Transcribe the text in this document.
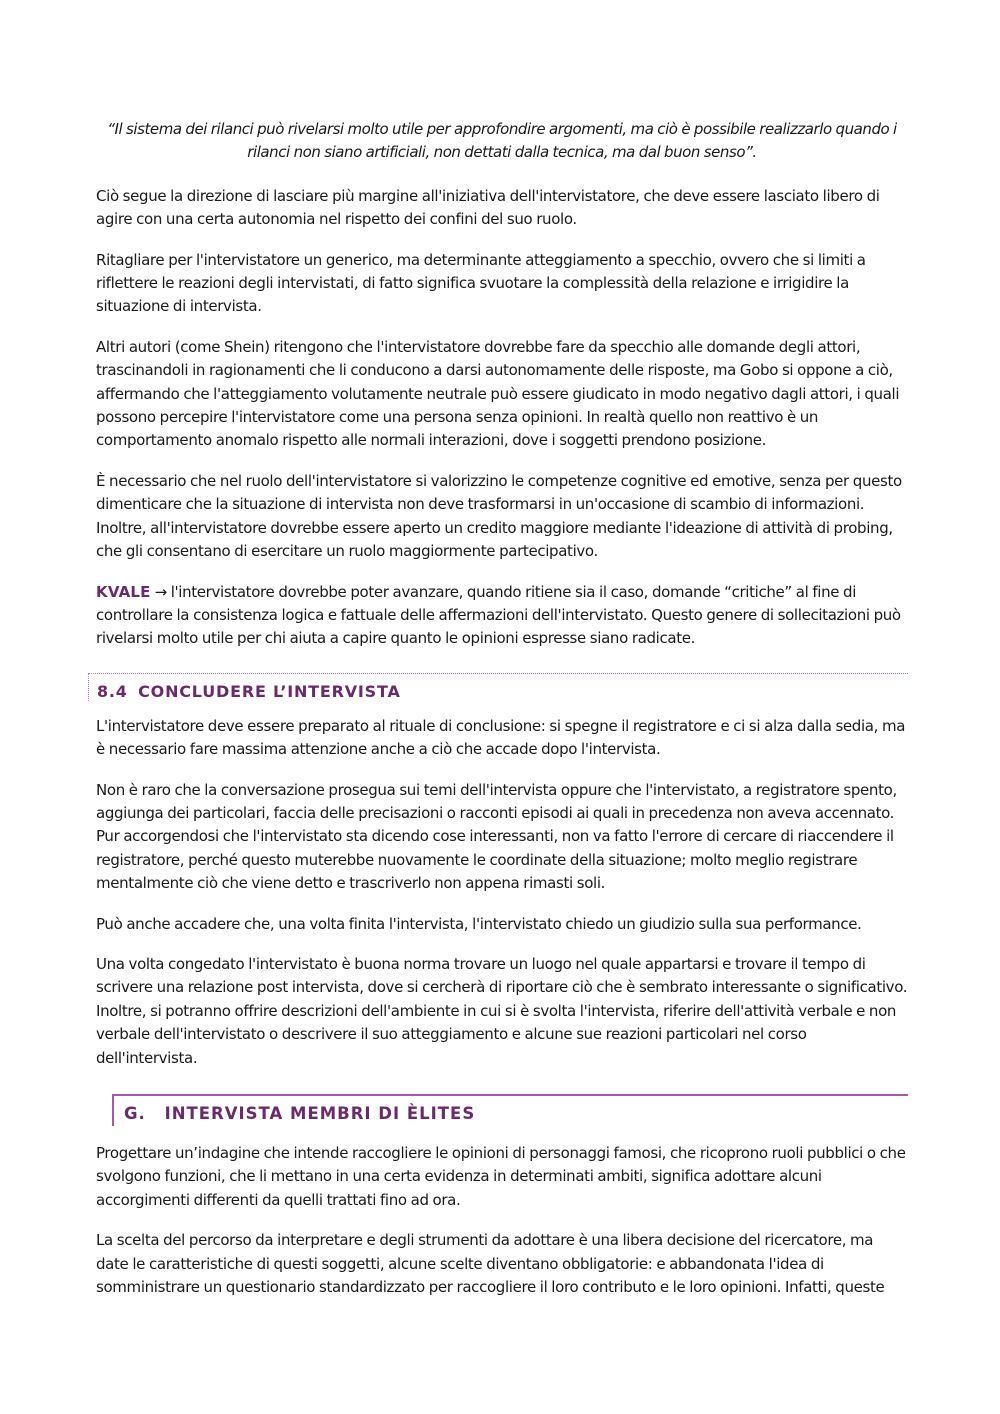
“Il sistema dei rilanci può rivelarsi molto utile per approfondire argomenti, ma ciò è possibile realizzarlo quando i rilanci non siano artificiali, non dettati dalla tecnica, ma dal buon senso”.

Ciò segue la direzione di lasciare più margine all'iniziativa dell'intervistatore, che deve essere lasciato libero di agire con una certa autonomia nel rispetto dei confini del suo ruolo.

Ritagliare per l'intervistatore un generico, ma determinante atteggiamento a specchio, ovvero che si limiti a riflettere le reazioni degli intervistati, di fatto significa svuotare la complessità della relazione e irrigidire la situazione di intervista.

Altri autori (come Shein) ritengono che l'intervistatore dovrebbe fare da specchio alle domande degli attori, trascinandoli in ragionamenti che li conducono a darsi autonomamente delle risposte, ma Gobo si oppone a ciò, affermando che l'atteggiamento volutamente neutrale può essere giudicato in modo negativo dagli attori, i quali possono percepire l'intervistatore come una persona senza opinioni. In realtà quello non reattivo è un comportamento anomalo rispetto alle normali interazioni, dove i soggetti prendono posizione.

È necessario che nel ruolo dell'intervistatore si valorizzino le competenze cognitive ed emotive, senza per questo dimenticare che la situazione di intervista non deve trasformarsi in un'occasione di scambio di informazioni. Inoltre, all'intervistatore dovrebbe essere aperto un credito maggiore mediante l'ideazione di attività di probing, che gli consentano di esercitare un ruolo maggiormente partecipativo.

KVALE → l'intervistatore dovrebbe poter avanzare, quando ritiene sia il caso, domande “critiche” al fine di controllare la consistenza logica e fattuale delle affermazioni dell'intervistato. Questo genere di sollecitazioni può rivelarsi molto utile per chi aiuta a capire quanto le opinioni espresse siano radicate.

8.4 CONCLUDERE L’INTERVISTA

L'intervistatore deve essere preparato al rituale di conclusione: si spegne il registratore e ci si alza dalla sedia, ma è necessario fare massima attenzione anche a ciò che accade dopo l'intervista.

Non è raro che la conversazione prosegua sui temi dell'intervista oppure che l'intervistato, a registratore spento, aggiunga dei particolari, faccia delle precisazioni o racconti episodi ai quali in precedenza non aveva accennato. Pur accorgendosi che l'intervistato sta dicendo cose interessanti, non va fatto l'errore di cercare di riaccendere il registratore, perché questo muterebbe nuovamente le coordinate della situazione; molto meglio registrare mentalmente ciò che viene detto e trascriverlo non appena rimasti soli.

Può anche accadere che, una volta finita l'intervista, l'intervistato chiedo un giudizio sulla sua performance.

Una volta congedato l'intervistato è buona norma trovare un luogo nel quale appartarsi e trovare il tempo di scrivere una relazione post intervista, dove si cercherà di riportare ciò che è sembrato interessante o significativo. Inoltre, si potranno offrire descrizioni dell'ambiente in cui si è svolta l'intervista, riferire dell'attività verbale e non verbale dell'intervistato o descrivere il suo atteggiamento e alcune sue reazioni particolari nel corso dell'intervista.

G. INTERVISTA MEMBRI DI ÈLITES

Progettare un’indagine che intende raccogliere le opinioni di personaggi famosi, che ricoprono ruoli pubblici o che svolgono funzioni, che li mettano in una certa evidenza in determinati ambiti, significa adottare alcuni accorgimenti differenti da quelli trattati fino ad ora.

La scelta del percorso da interpretare e degli strumenti da adottare è una libera decisione del ricercatore, ma date le caratteristiche di questi soggetti, alcune scelte diventano obbligatorie: e abbandonata l'idea di somministrare un questionario standardizzato per raccogliere il loro contributo e le loro opinioni. Infatti, queste
